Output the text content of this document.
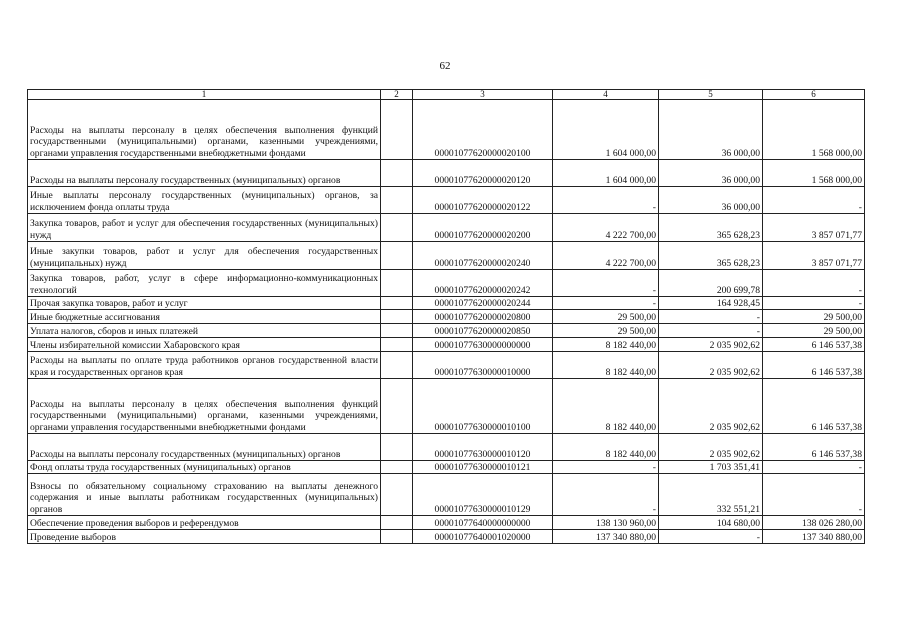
62
1	2	3	4	5	6
Расходы на выплаты персоналу в целях обеспечения выполнения функций государственными (муниципальными) органами, казенными учреждениями, органами управления государственными внебюджетными фондами		00001077620000020100	1 604 000,00	36 000,00	1 568 000,00
Расходы на выплаты персоналу государственных (муниципальных) органов		00001077620000020120	1 604 000,00	36 000,00	1 568 000,00
Иные выплаты персоналу государственных (муниципальных) органов, за исключением фонда оплаты труда		00001077620000020122	-	36 000,00	-
Закупка товаров, работ и услуг для обеспечения государственных (муниципальных) нужд		00001077620000020200	4 222 700,00	365 628,23	3 857 071,77
Иные закупки товаров, работ и услуг для обеспечения государственных (муниципальных) нужд		00001077620000020240	4 222 700,00	365 628,23	3 857 071,77
Закупка товаров, работ, услуг в сфере информационно-коммуникационных технологий		00001077620000020242	-	200 699,78	-
Прочая закупка товаров, работ и услуг		00001077620000020244	-	164 928,45	-
Иные бюджетные ассигнования		00001077620000020800	29 500,00	-	29 500,00
Уплата налогов, сборов и иных платежей		00001077620000020850	29 500,00	-	29 500,00
Члены избирательной комиссии Хабаровского края		00001077630000000000	8 182 440,00	2 035 902,62	6 146 537,38
Расходы на выплаты по оплате труда работников органов государственной власти края и государственных органов края		00001077630000010000	8 182 440,00	2 035 902,62	6 146 537,38
Расходы на выплаты персоналу в целях обеспечения выполнения функций государственными (муниципальными) органами, казенными учреждениями, органами управления государственными внебюджетными фондами		00001077630000010100	8 182 440,00	2 035 902,62	6 146 537,38
Расходы на выплаты персоналу государственных (муниципальных) органов		00001077630000010120	8 182 440,00	2 035 902,62	6 146 537,38
Фонд оплаты труда государственных (муниципальных) органов		00001077630000010121	-	1 703 351,41	-
Взносы по обязательному социальному страхованию на выплаты денежного содержания и иные выплаты работникам государственных (муниципальных) органов		00001077630000010129	-	332 551,21	-
Обеспечение проведения выборов и референдумов		00001077640000000000	138 130 960,00	104 680,00	138 026 280,00
Проведение выборов		00001077640001020000	137 340 880,00	-	137 340 880,00
